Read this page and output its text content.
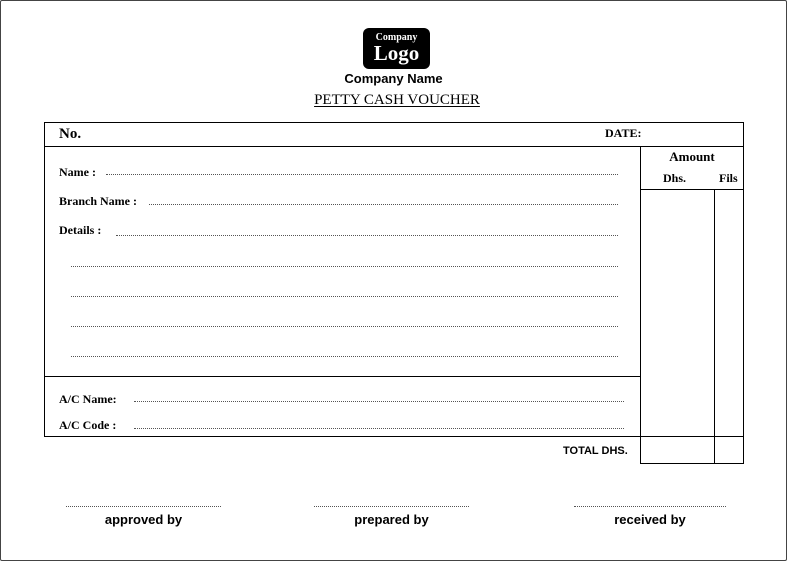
Company
Logo
Company Name
PETTY CASH VOUCHER
No.	DATE:
Name :
Branch Name :
Details :
A/C Name:
A/C Code :
Amount
Dhs.	Fils
TOTAL DHS.
approved by	prepared by	received by
